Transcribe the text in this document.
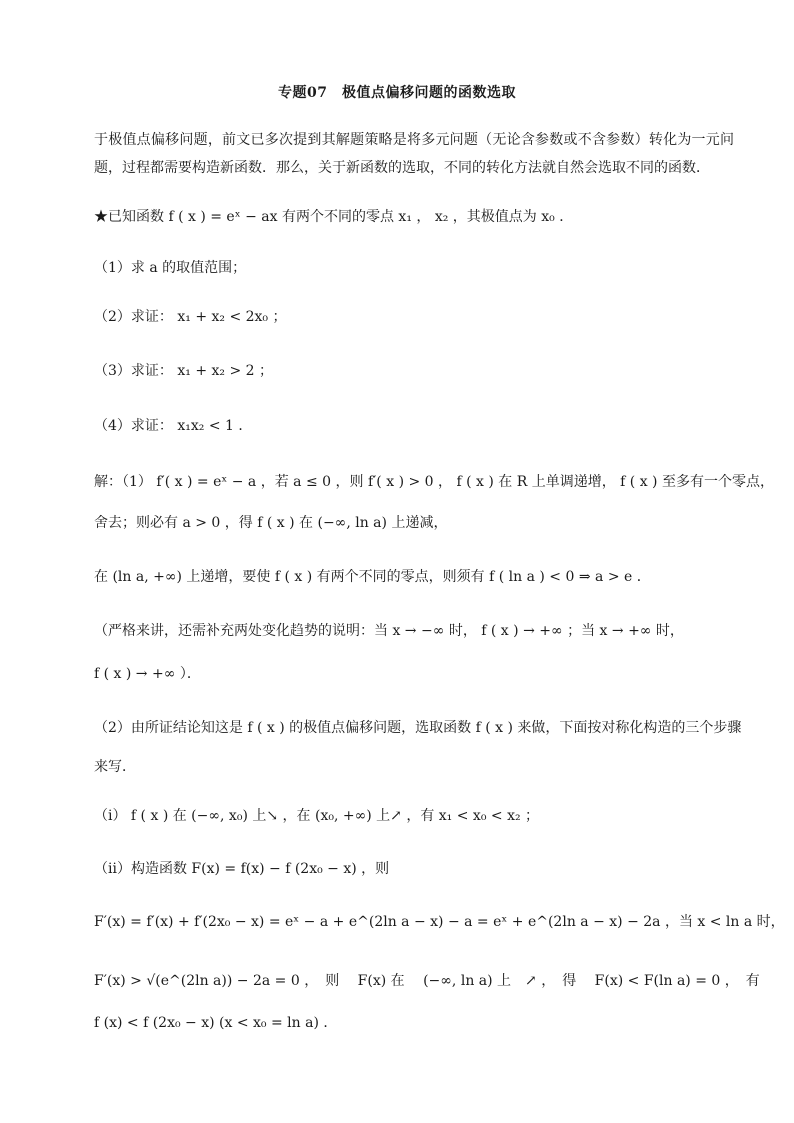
专题07　极值点偏移问题的函数选取
于极值点偏移问题，前文已多次提到其解题策略是将多元问题（无论含参数或不含参数）转化为一元问
题，过程都需要构造新函数．那么，关于新函数的选取，不同的转化方法就自然会选取不同的函数．
★已知函数 f ( x ) = eˣ − ax 有两个不同的零点 x₁ ， x₂ ，其极值点为 x₀ ．
（1）求 a 的取值范围；
（2）求证： x₁ + x₂ < 2x₀ ；
（3）求证： x₁ + x₂ > 2 ；
（4）求证： x₁x₂ < 1 ．
解：（1） f′( x ) = eˣ − a ，若 a ≤ 0 ，则 f′( x ) > 0 ， f ( x ) 在 R 上单调递增， f ( x ) 至多有一个零点，
舍去；则必有 a > 0 ，得 f ( x ) 在 (−∞, ln a) 上递减，
在 (ln a, +∞) 上递增，要使 f ( x ) 有两个不同的零点，则须有 f ( ln a ) < 0 ⇒ a > e ．
（严格来讲，还需补充两处变化趋势的说明：当 x → −∞ 时， f ( x ) → +∞ ；当 x → +∞ 时，
f ( x ) → +∞ ）．
（2）由所证结论知这是 f ( x ) 的极值点偏移问题，选取函数 f ( x ) 来做，下面按对称化构造的三个步骤
来写．
（ⅰ） f ( x ) 在 (−∞, x₀) 上↘ ，在 (x₀, +∞) 上↗ ，有 x₁ < x₀ < x₂ ；
（ⅱ）构造函数 F(x) = f(x) − f (2x₀ − x) ，则
F′(x) = f′(x) + f′(2x₀ − x) = eˣ − a + e^(2ln a − x) − a = eˣ + e^(2ln a − x) − 2a ，当 x < ln a 时，
F′(x) > √(e^(2ln a)) − 2a = 0 ，　则　 F(x) 在　 (−∞, ln a) 上　↗ ，　得　 F(x) < F(ln a) = 0 ，　有
f (x) < f (2x₀ − x) (x < x₀ = ln a) ．
